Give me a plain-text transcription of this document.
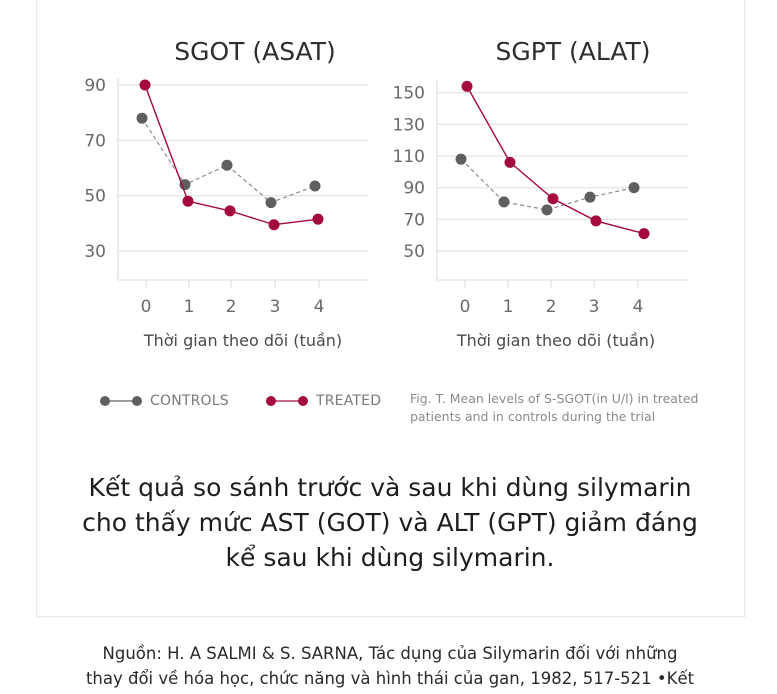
SGOT (ASAT)
30
50
70
90
0 1 2 3 4
Thời gian theo dõi (tuần)
SGPT (ALAT)
50
70
90
110
130
150
0 1 2 3 4
Thời gian theo dõi (tuần)
CONTROLS	TREATED Fig. T. Mean levels of S-SGOT(in U/l) in treated
patients and in controls during the trial
Kết quả so sánh trước và sau khi dùng silymarin
cho thấy mức AST (GOT) và ALT (GPT) giảm đáng
kể sau khi dùng silymarin.
Nguồn: H. A SALMI & S. SARNA, Tác dụng của Silymarin đối với những
thay đổi về hóa học, chức năng và hình thái của gan, 1982, 517-521 •Kết
